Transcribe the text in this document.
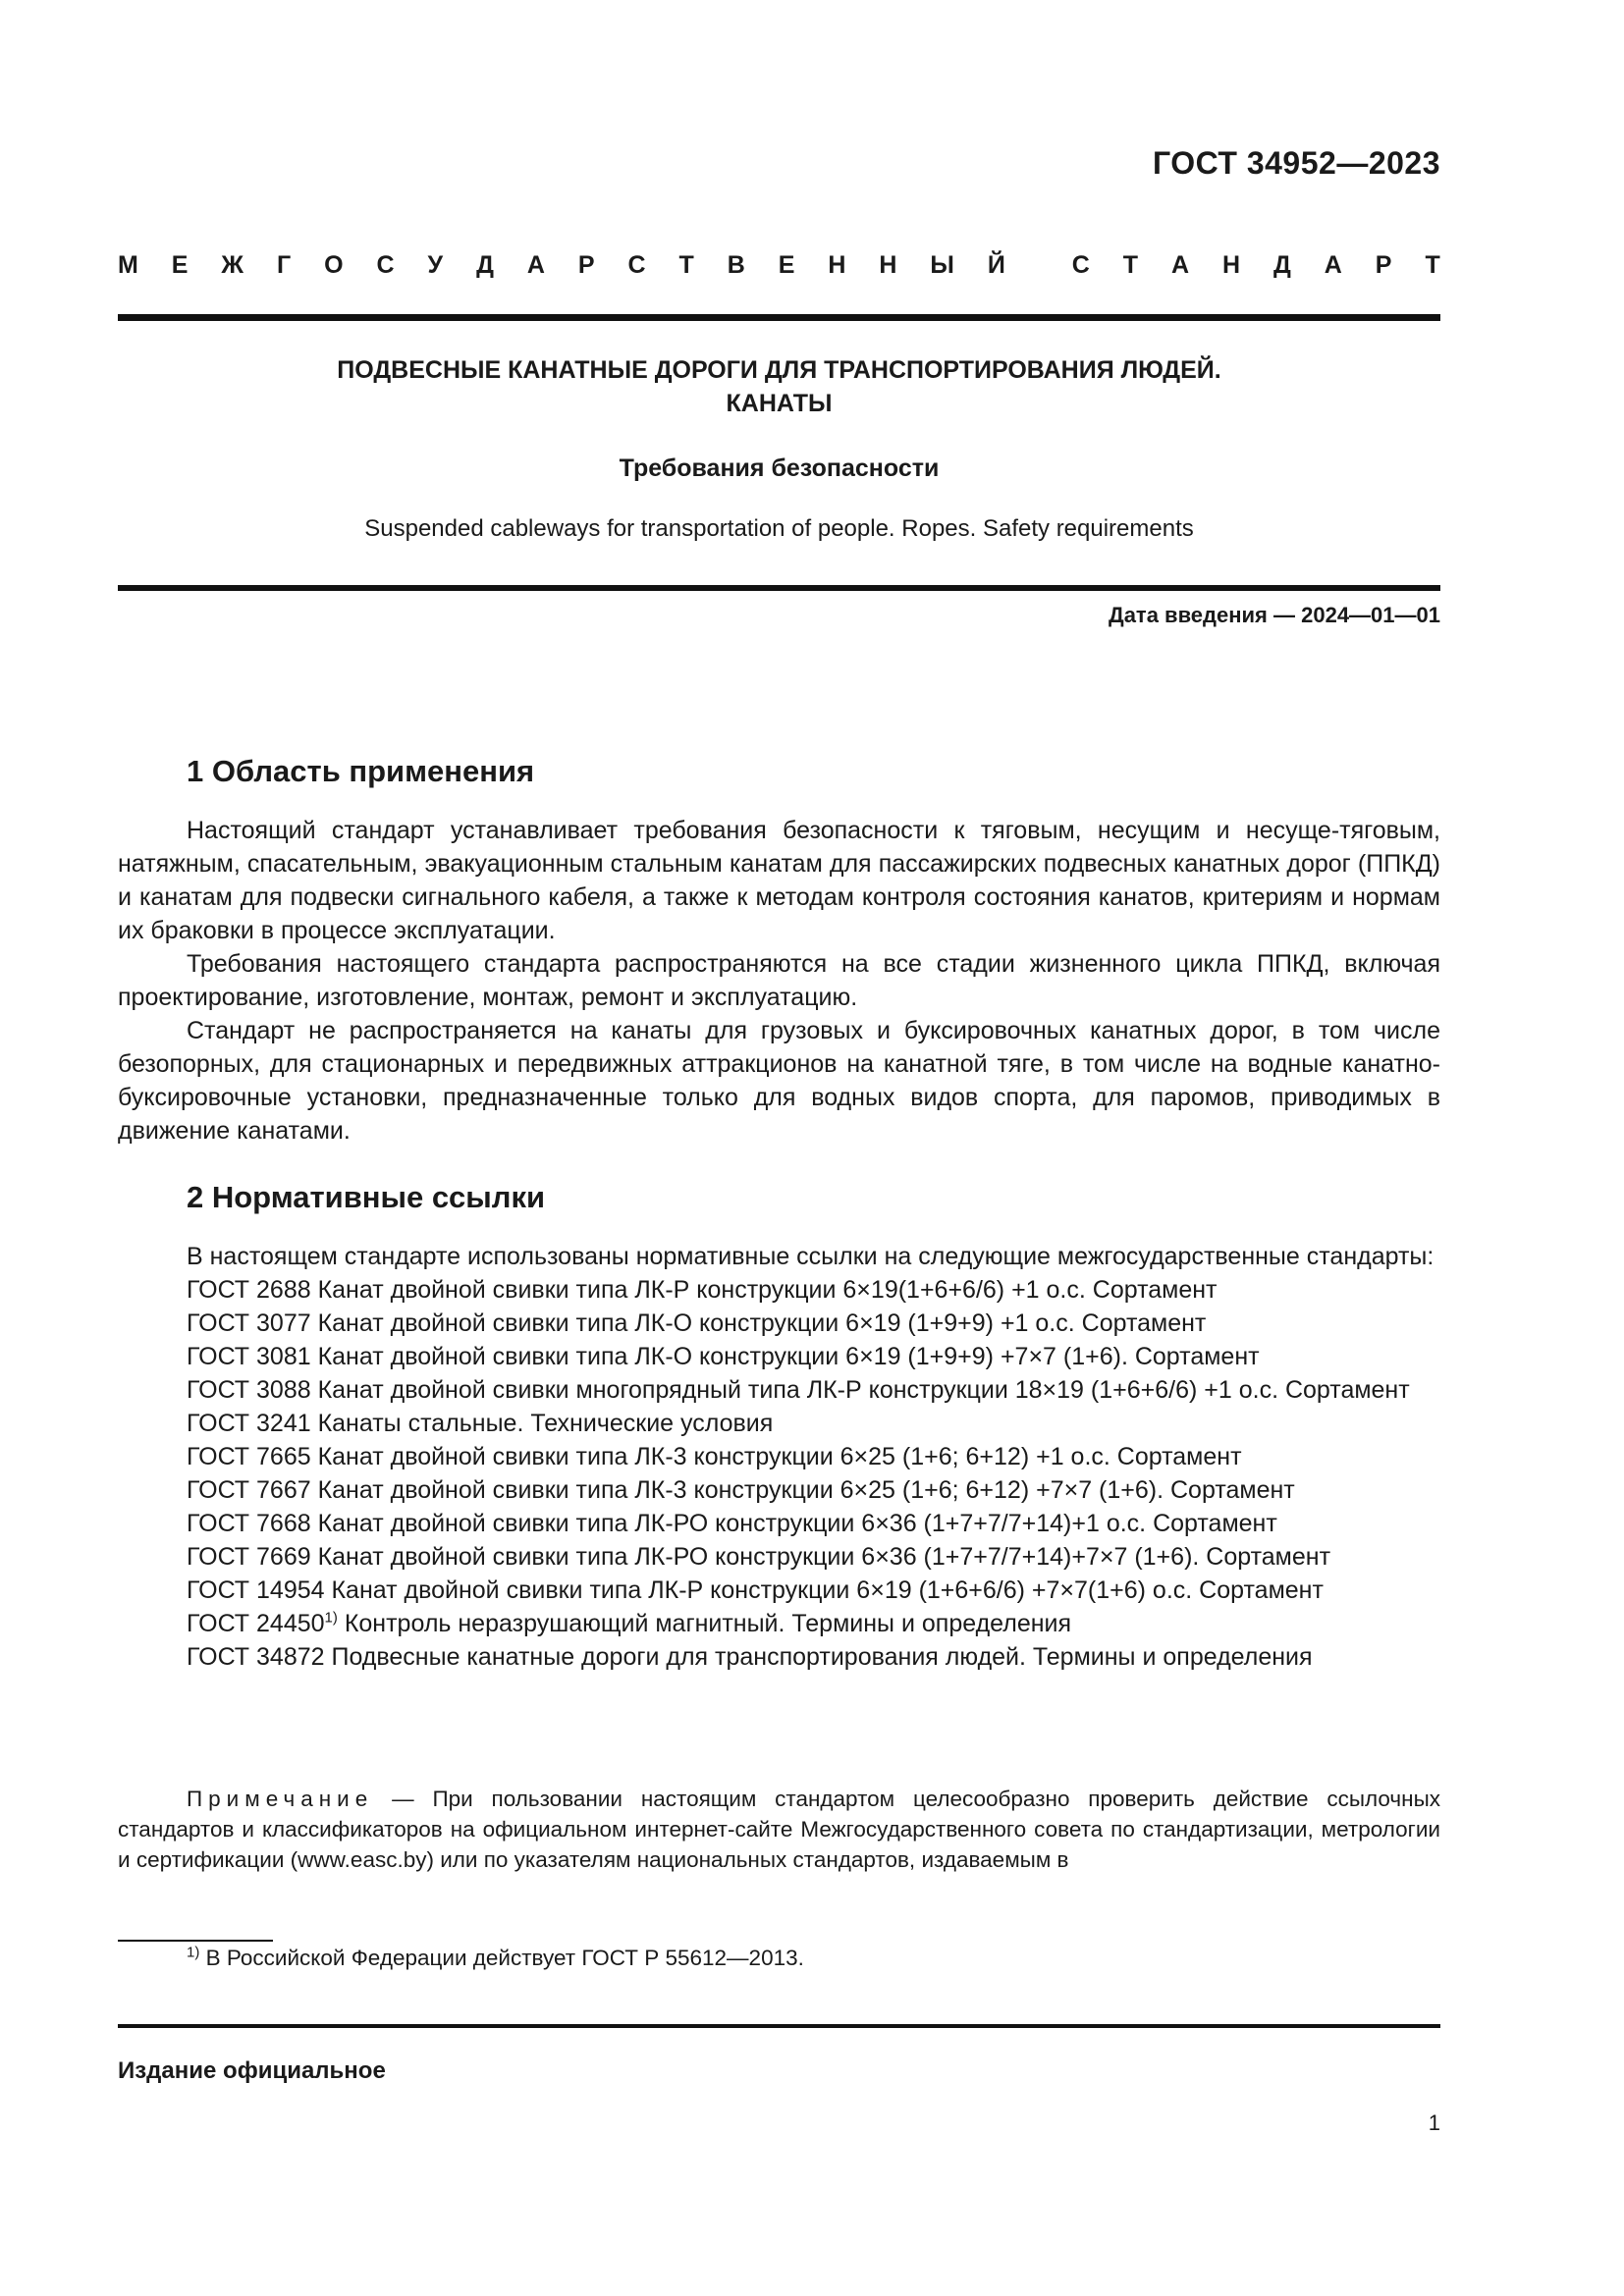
ГОСТ 34952—2023
М Е Ж Г О С У Д А Р С Т В Е Н Н Ы Й	С Т А Н Д А Р Т
ПОДВЕСНЫЕ КАНАТНЫЕ ДОРОГИ ДЛЯ ТРАНСПОРТИРОВАНИЯ ЛЮДЕЙ.
КАНАТЫ
Требования безопасности
Suspended cableways for transportation of people. Ropes. Safety requirements
Дата введения — 2024—01—01
1 Область применения

Настоящий стандарт устанавливает требования безопасности к тяговым, несущим и несуще-тяговым, натяжным, спасательным, эвакуационным стальным канатам для пассажирских подвесных канатных дорог (ППКД) и канатам для подвески сигнального кабеля, а также к методам контроля состояния канатов, критериям и нормам их браковки в процессе эксплуатации.

Требования настоящего стандарта распространяются на все стадии жизненного цикла ППКД, включая проектирование, изготовление, монтаж, ремонт и эксплуатацию.

Стандарт не распространяется на канаты для грузовых и буксировочных канатных дорог, в том числе безопорных, для стационарных и передвижных аттракционов на канатной тяге, в том числе на водные канатно-буксировочные установки, предназначенные только для водных видов спорта, для паромов, приводимых в движение канатами.

2 Нормативные ссылки

В настоящем стандарте использованы нормативные ссылки на следующие межгосударственные стандарты:

ГОСТ 2688 Канат двойной свивки типа ЛК-Р конструкции 6×19(1+6+6/6) +1 о.с. Сортамент

ГОСТ 3077 Канат двойной свивки типа ЛК-О конструкции 6×19 (1+9+9) +1 о.с. Сортамент

ГОСТ 3081 Канат двойной свивки типа ЛК-О конструкции 6×19 (1+9+9) +7×7 (1+6). Сортамент

ГОСТ 3088 Канат двойной свивки многопрядный типа ЛК-Р конструкции 18×19 (1+6+6/6) +1 о.с. Сортамент

ГОСТ 3241 Канаты стальные. Технические условия

ГОСТ 7665 Канат двойной свивки типа ЛК-3 конструкции 6×25 (1+6; 6+12) +1 о.с. Сортамент

ГОСТ 7667 Канат двойной свивки типа ЛК-3 конструкции 6×25 (1+6; 6+12) +7×7 (1+6). Сортамент

ГОСТ 7668 Канат двойной свивки типа ЛК-РО конструкции 6×36 (1+7+7/7+14)+1 о.с. Сортамент

ГОСТ 7669 Канат двойной свивки типа ЛК-РО конструкции 6×36 (1+7+7/7+14)+7×7 (1+6). Сортамент

ГОСТ 14954 Канат двойной свивки типа ЛК-Р конструкции 6×19 (1+6+6/6) +7×7(1+6) о.с. Сортамент

ГОСТ 24450$^{1)}$ Контроль неразрушающий магнитный. Термины и определения

ГОСТ 34872 Подвесные канатные дороги для транспортирования людей. Термины и определения

Примечание — При пользовании настоящим стандартом целесообразно проверить действие ссылочных стандартов и классификаторов на официальном интернет-сайте Межгосударственного совета по стандартизации, метрологии и сертификации (www.easc.by) или по указателям национальных стандартов, издаваемым в

$^{1)}$ В Российской Федерации действует ГОСТ Р 55612—2013.
Издание официальное
1
